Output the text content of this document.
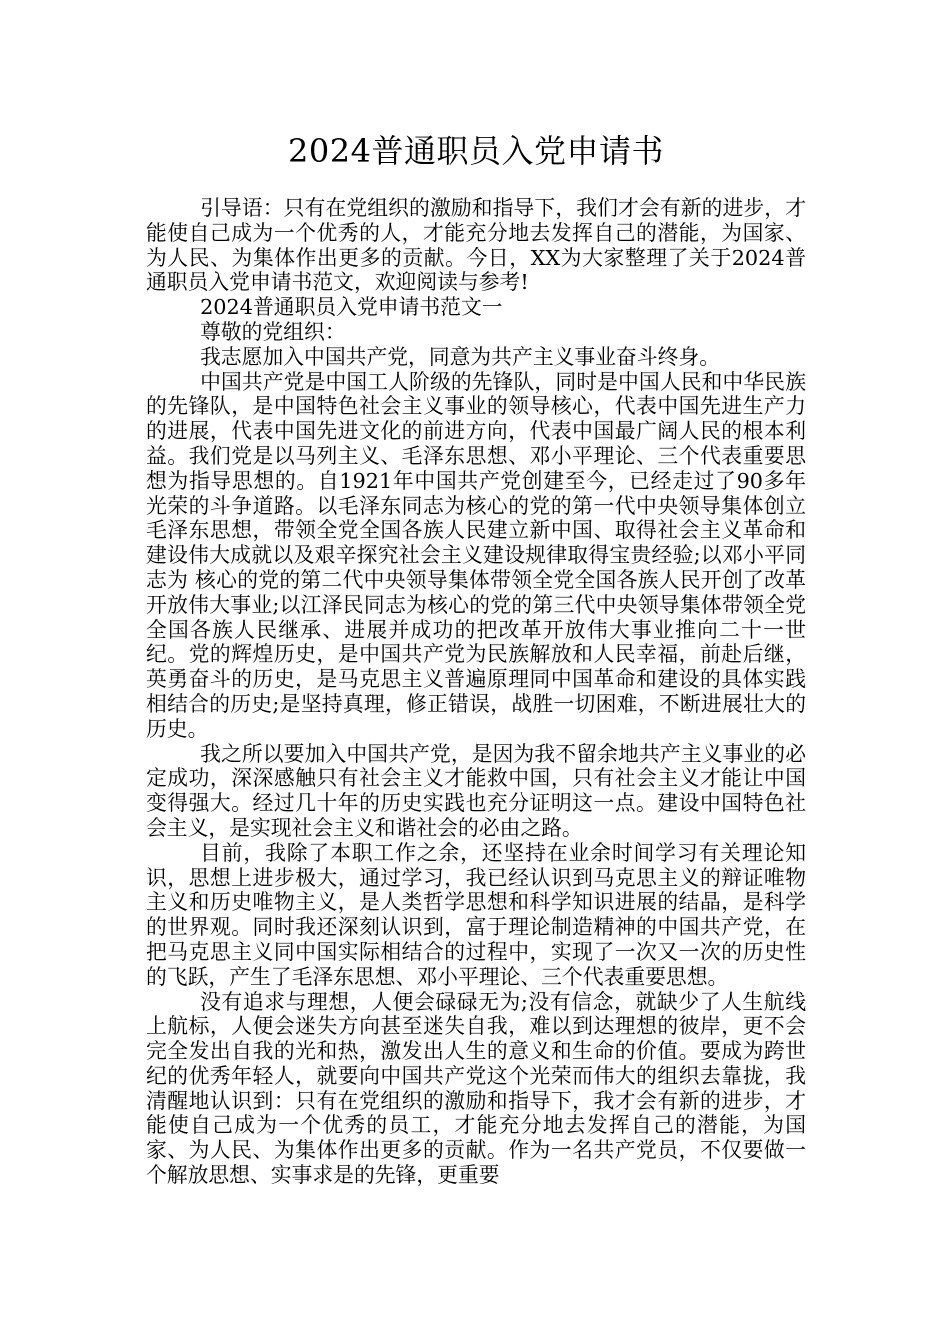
2024普通职员入党申请书

引导语：只有在党组织的激励和指导下，我们才会有新的进步，才能使自己成为一个优秀的人，才能充分地去发挥自己的潜能，为国家、为人民、为集体作出更多的贡献。今日，XX为大家整理了关于2024普通职员入党申请书范文，欢迎阅读与参考!

2024普通职员入党申请书范文一

尊敬的党组织：

我志愿加入中国共产党，同意为共产主义事业奋斗终身。

中国共产党是中国工人阶级的先锋队，同时是中国人民和中华民族的先锋队，是中国特色社会主义事业的领导核心，代表中国先进生产力的进展，代表中国先进文化的前进方向，代表中国最广阔人民的根本利益。我们党是以马列主义、毛泽东思想、邓小平理论、三个代表重要思想为指导思想的。自1921年中国共产党创建至今，已经走过了90多年光荣的斗争道路。以毛泽东同志为核心的党的第一代中央领导集体创立毛泽东思想，带领全党全国各族人民建立新中国、取得社会主义革命和建设伟大成就以及艰辛探究社会主义建设规律取得宝贵经验;以邓小平同志为 核心的党的第二代中央领导集体带领全党全国各族人民开创了改革开放伟大事业;以江泽民同志为核心的党的第三代中央领导集体带领全党全国各族人民继承、进展并成功的把改革开放伟大事业推向二十一世纪。党的辉煌历史，是中国共产党为民族解放和人民幸福，前赴后继，英勇奋斗的历史，是马克思主义普遍原理同中国革命和建设的具体实践相结合的历史;是坚持真理，修正错误，战胜一切困难，不断进展壮大的历史。

我之所以要加入中国共产党，是因为我不留余地共产主义事业的必定成功，深深感触只有社会主义才能救中国，只有社会主义才能让中国变得强大。经过几十年的历史实践也充分证明这一点。建设中国特色社会主义，是实现社会主义和谐社会的必由之路。

目前，我除了本职工作之余，还坚持在业余时间学习有关理论知识，思想上进步极大，通过学习，我已经认识到马克思主义的辩证唯物主义和历史唯物主义，是人类哲学思想和科学知识进展的结晶，是科学的世界观。同时我还深刻认识到，富于理论制造精神的中国共产党，在把马克思主义同中国实际相结合的过程中，实现了一次又一次的历史性的飞跃，产生了毛泽东思想、邓小平理论、三个代表重要思想。

没有追求与理想，人便会碌碌无为;没有信念，就缺少了人生航线上航标，人便会迷失方向甚至迷失自我，难以到达理想的彼岸，更不会完全发出自我的光和热，激发出人生的意义和生命的价值。要成为跨世纪的优秀年轻人，就要向中国共产党这个光荣而伟大的组织去靠拢，我清醒地认识到：只有在党组织的激励和指导下，我才会有新的进步，才能使自己成为一个优秀的员工，才能充分地去发挥自己的潜能，为国家、为人民、为集体作出更多的贡献。作为一名共产党员，不仅要做一个解放思想、实事求是的先锋，更重要
